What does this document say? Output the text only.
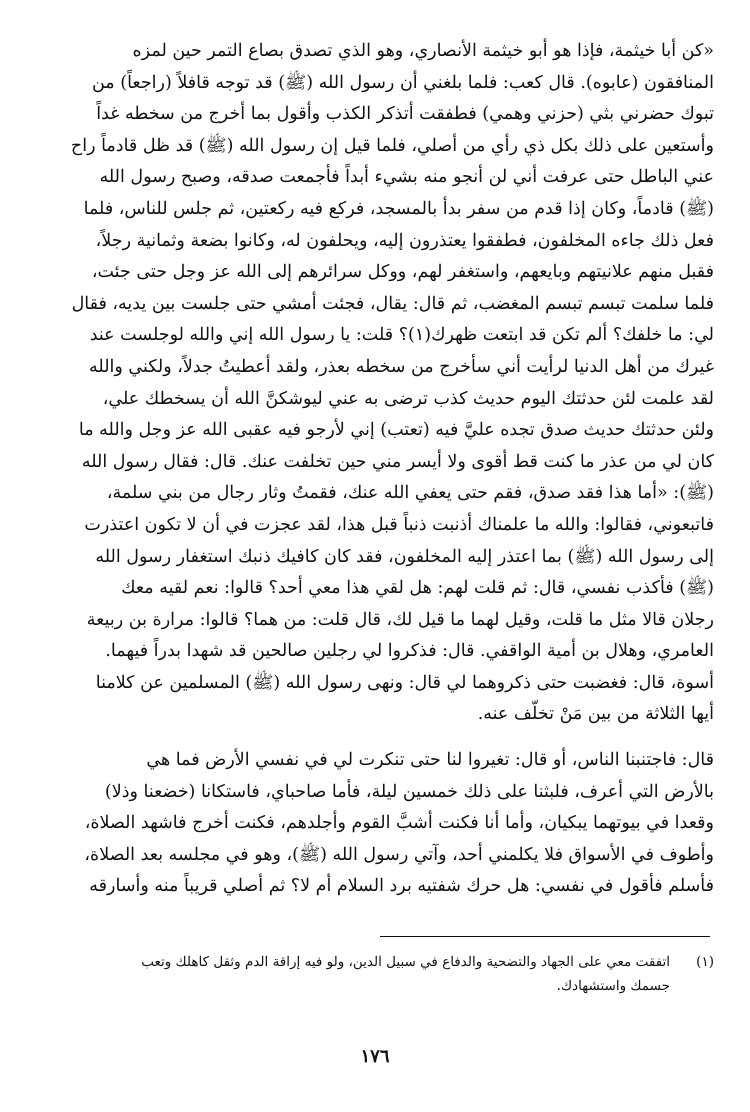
«كن أبا خيثمة، فإذا هو أبو خيثمة الأنصاري، وهو الذي تصدق بصاع التمر حين لمزه
المنافقون (عابوه). قال كعب: فلما بلغني أن رسول الله (ﷺ) قد توجه قافلاً (راجعاً) من
تبوك حضرني بثي (حزني وهمي) فطفقت أتذكر الكذب وأقول بما أخرج من سخطه غداً
وأستعين على ذلك بكل ذي رأي من أصلي، فلما قيل إن رسول الله (ﷺ) قد ظل قادماً راح
عني الباطل حتى عرفت أني لن أنجو منه بشيء أبداً فأجمعت صدقه، وصبح رسول الله
(ﷺ) قادماً، وكان إذا قدم من سفر بدأ بالمسجد، فركع فيه ركعتين، ثم جلس للناس، فلما
فعل ذلك جاءه المخلفون، فطفقوا يعتذرون إليه، ويحلفون له، وكانوا بضعة وثمانية رجلاً،
فقبل منهم علانيتهم وبايعهم، واستغفر لهم، ووكل سرائرهم إلى الله عز وجل حتى جئت،
فلما سلمت تبسم تبسم المغضب، ثم قال: يقال، فجئت أمشي حتى جلست بين يديه، فقال
لي: ما خلفك؟ ألم تكن قد ابتعت ظهرك(١)؟ قلت: يا رسول الله إني والله لوجلست عند
غيرك من أهل الدنيا لرأيت أني سأخرج من سخطه بعذر، ولقد أعطيتُ جدلاً، ولكني والله
لقد علمت لئن حدثتك اليوم حديث كذب ترضى به عني ليوشكنَّ الله أن يسخطك علي،
ولئن حدثتك حديث صدق تجده عليَّ فيه (تعتب) إني لأرجو فيه عقبى الله عز وجل والله ما
كان لي من عذر ما كنت قط أقوى ولا أيسر مني حين تخلفت عنك. قال: فقال رسول الله
(ﷺ): «أما هذا فقد صدق، فقم حتى يعفي الله عنك، فقمتُ وثار رجال من بني سلمة،
فاتبعوني، فقالوا: والله ما علمناك أذنبت ذنباً قبل هذا، لقد عجزت في أن لا تكون اعتذرت
إلى رسول الله (ﷺ) بما اعتذر إليه المخلفون، فقد كان كافيك ذنبك استغفار رسول الله
(ﷺ) فأكذب نفسي، قال: ثم قلت لهم: هل لقي هذا معي أحد؟ قالوا: نعم لقيه معك
رجلان قالا مثل ما قلت، وقيل لهما ما قيل لك، قال قلت: من هما؟ قالوا: مرارة بن ربيعة
العامري، وهلال بن أمية الواقفي. قال: فذكروا لي رجلين صالحين قد شهدا بدراً فيهما.
أسوة، قال: فغضبت حتى ذكروهما لي قال: ونهى رسول الله (ﷺ) المسلمين عن كلامنا
أيها الثلاثة من بين مَنْ تخلّف عنه.

قال: فاجتنبنا الناس، أو قال: تغيروا لنا حتى تنكرت لي في نفسي الأرض فما هي
بالأرض التي أعرف، فلبثنا على ذلك خمسين ليلة، فأما صاحباي، فاستكانا (خضعنا وذلا)
وقعدا في بيوتهما يبكيان، وأما أنا فكنت أشبَّ القوم وأجلدهم، فكنت أخرج فاشهد الصلاة،
وأطوف في الأسواق فلا يكلمني أحد، وآتي رسول الله (ﷺ)، وهو في مجلسه بعد الصلاة،
فأسلم فأقول في نفسي: هل حرك شفتيه برد السلام أم لا؟ ثم أصلي قريباً منه وأسارقه

(١)
اتفقت معي على الجهاد والتضحية والدفاع في سبيل الدين، ولو فيه إراقة الدم وثقل كاهلك وتعب
جسمك واستشهادك.
١٧٦
